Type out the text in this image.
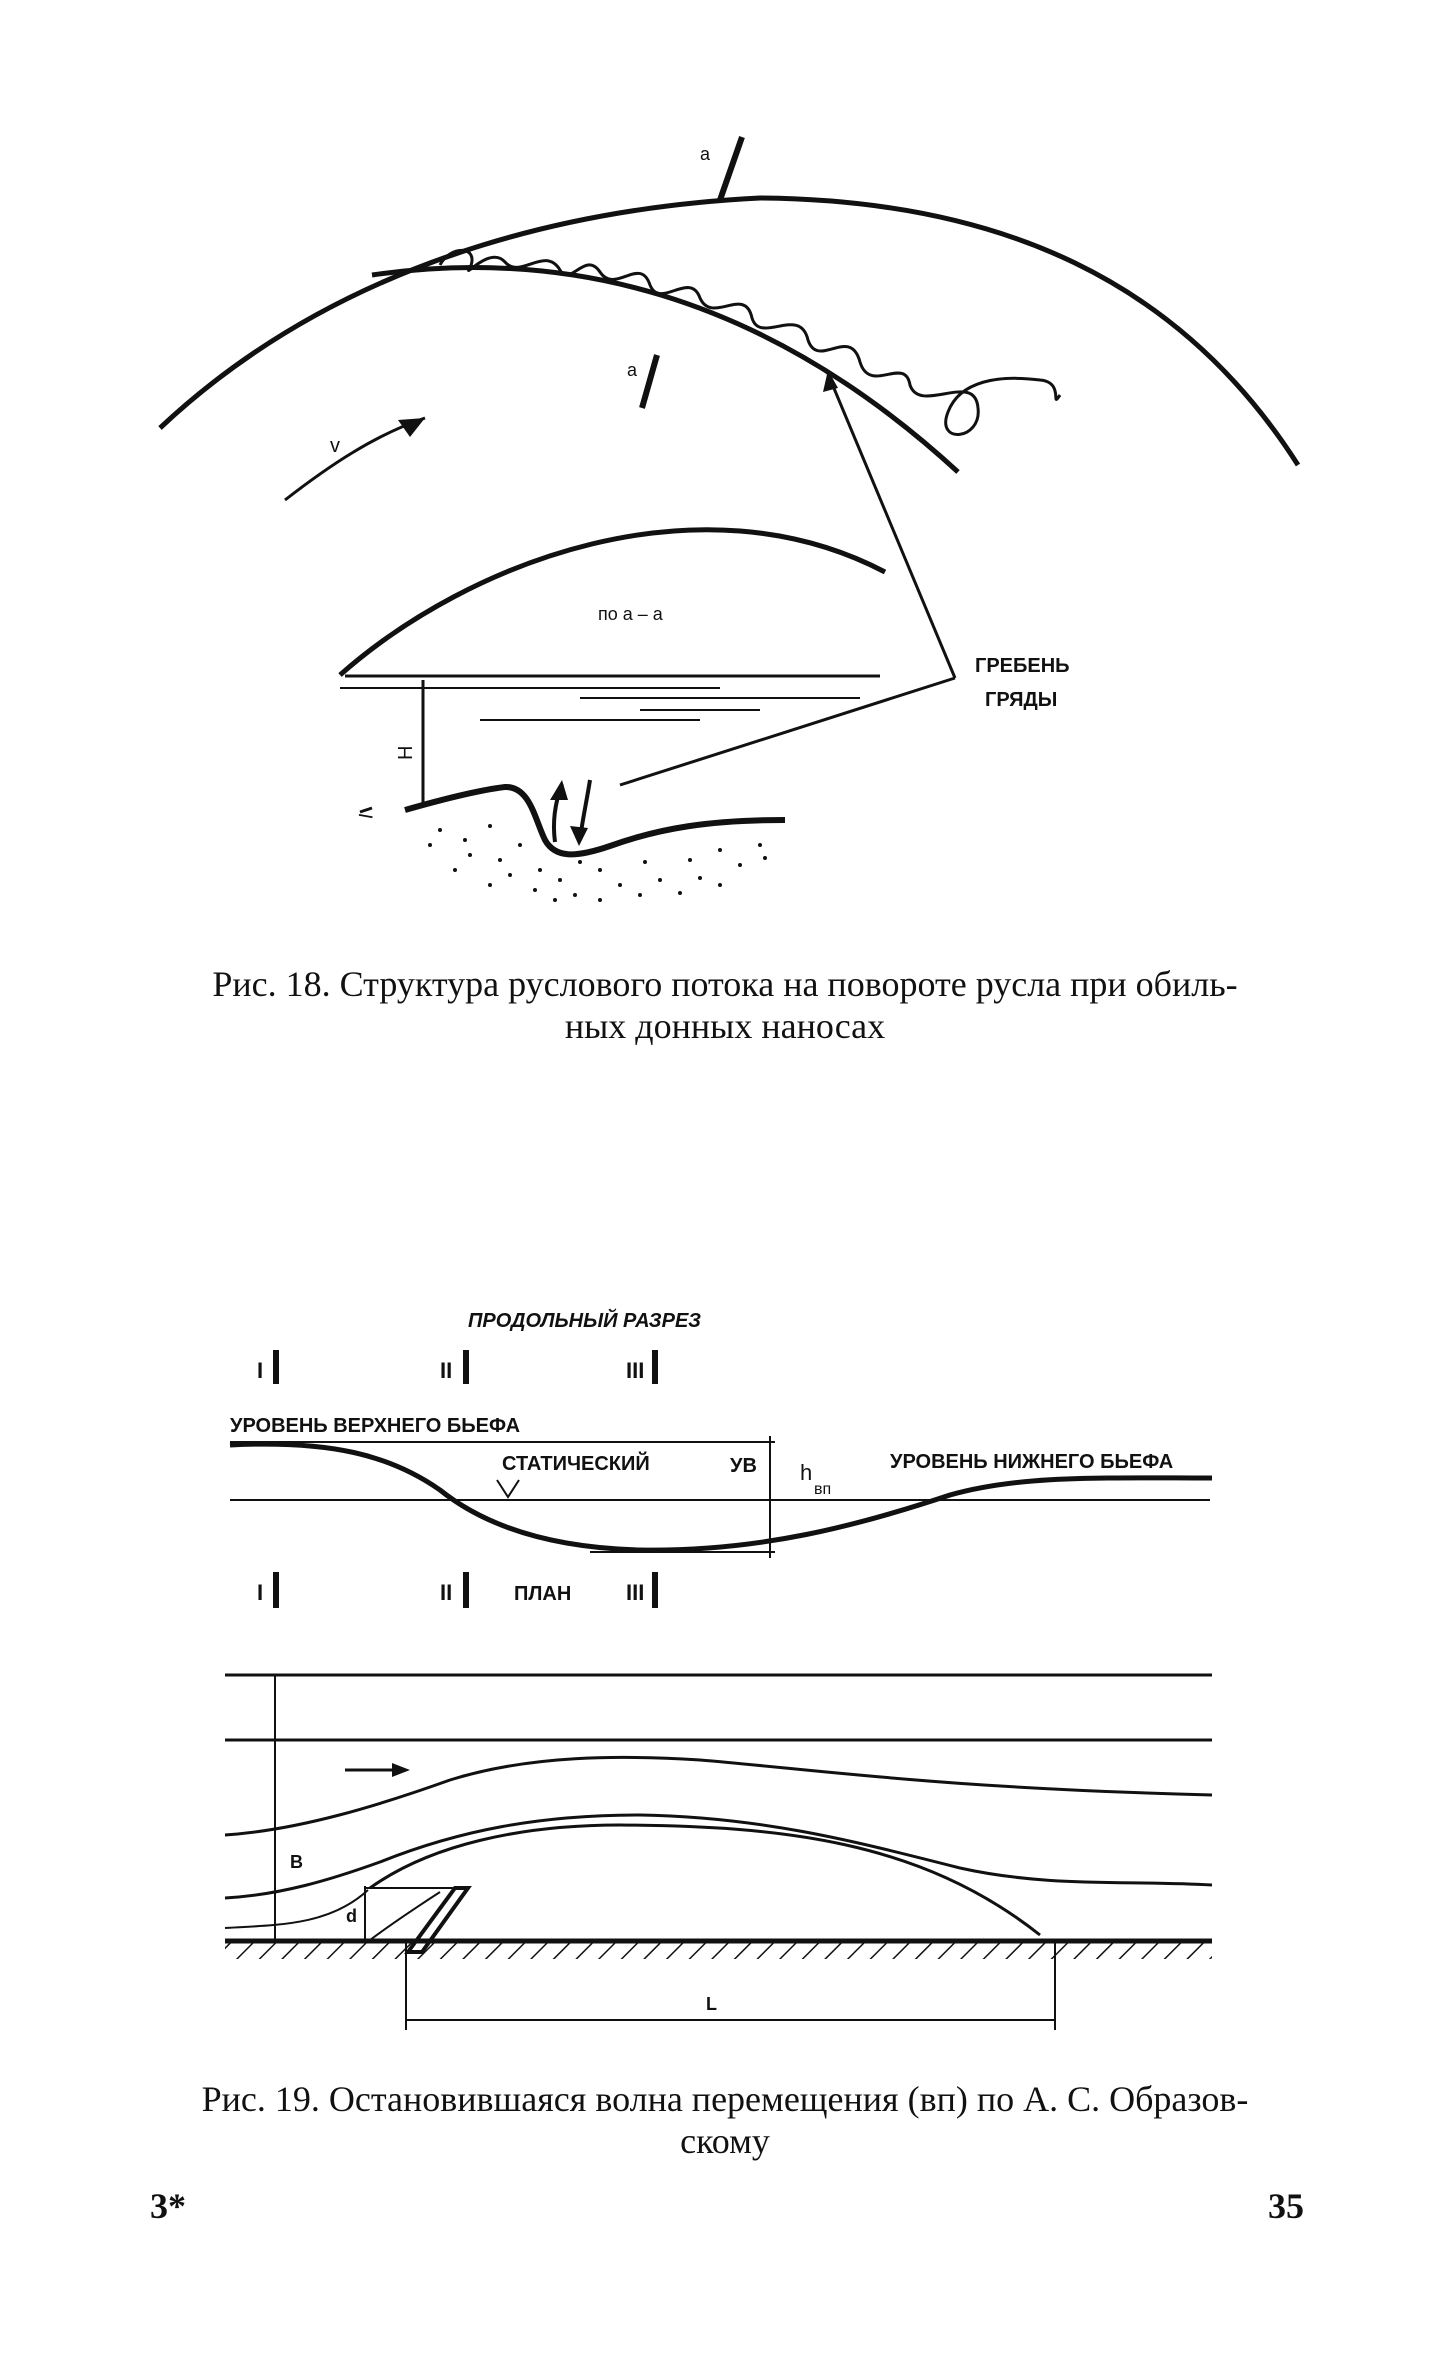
a
a
v
по a – a
H
I
ГРЕБЕНЬ
ГРЯДЫ
ПРОДОЛЬНЫЙ РАЗРЕЗ
I	II	III
УРОВЕНЬ ВЕРХНЕГО БЬЕФА
СТАТИЧЕСКИЙ	УВ h
вп
УРОВЕНЬ НИЖНЕГО БЬЕФА
I	II	ПЛАН III
B
d
L
Рис. 18. Структура руслового потока на повороте русла при обиль-
ных донных наносах
Рис. 19. Остановившаяся волна перемещения (вп) по А. С. Образов-
скому
3*	35
